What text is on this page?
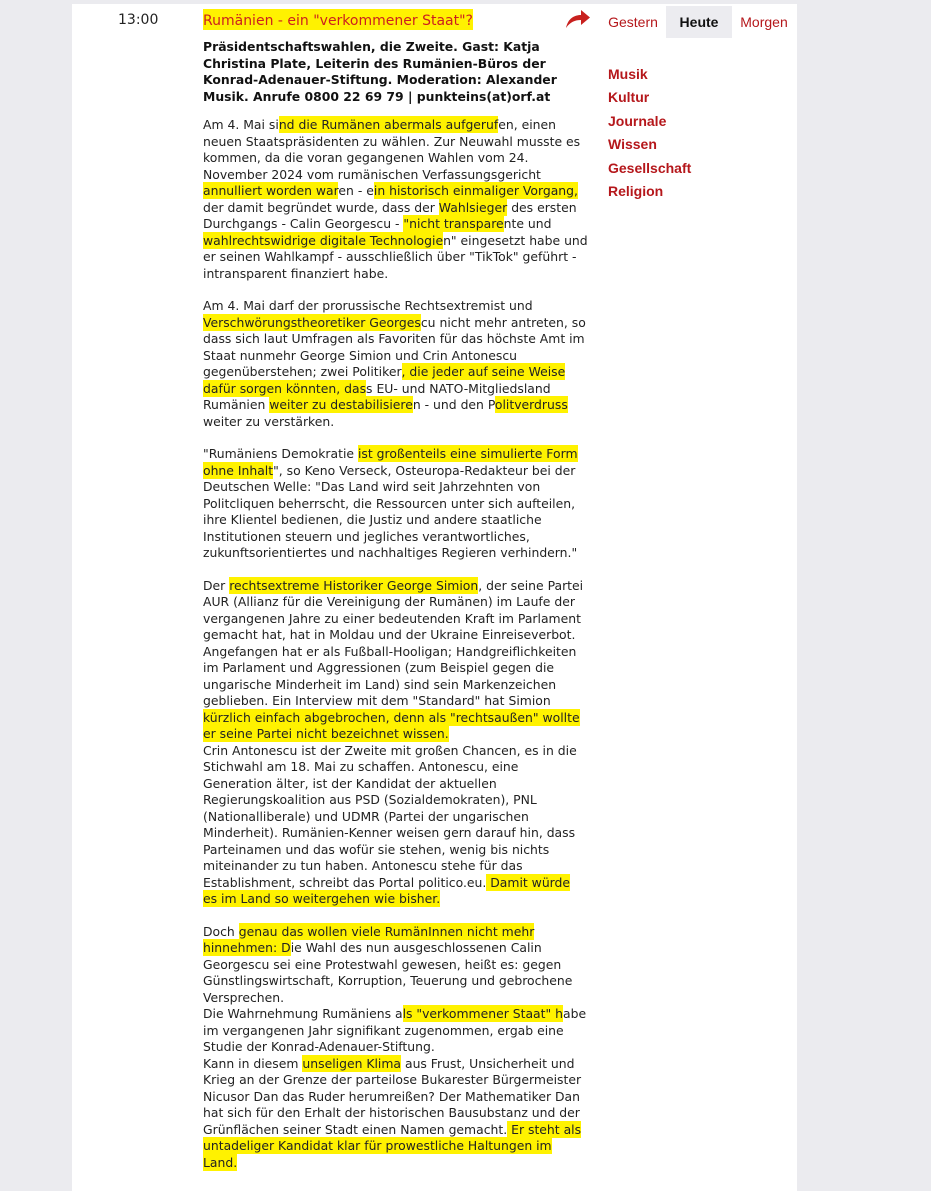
13:00	Rumänien - ein "verkommener Staat"?
Präsidentschaftswahlen, die Zweite. Gast: Katja Christina Plate, Leiterin des Rumänien-Büros der Konrad-Adenauer-Stiftung. Moderation: Alexander Musik. Anrufe 0800 22 69 79 | punkteins(at)orf.at

Am 4. Mai sind die Rumänen abermals aufgerufen, einen neuen Staatspräsidenten zu wählen. Zur Neuwahl musste es kommen, da die voran gegangenen Wahlen vom 24. November 2024 vom rumänischen Verfassungsgericht annulliert worden waren - ein historisch einmaliger Vorgang, der damit begründet wurde, dass der Wahlsieger des ersten Durchgangs - Calin Georgescu - "nicht transparente und wahlrechtswidrige digitale Technologien" eingesetzt habe und er seinen Wahlkampf - ausschließlich über "TikTok" geführt - intransparent finanziert habe.

Am 4. Mai darf der prorussische Rechtsextremist und Verschwörungstheoretiker Georgescu nicht mehr antreten, so dass sich laut Umfragen als Favoriten für das höchste Amt im Staat nunmehr George Simion und Crin Antonescu gegenüberstehen; zwei Politiker, die jeder auf seine Weise dafür sorgen könnten, dass EU- und NATO-Mitgliedsland Rumänien weiter zu destabilisieren - und den Politverdruss weiter zu verstärken.

"Rumäniens Demokratie ist großenteils eine simulierte Form ohne Inhalt", so Keno Verseck, Osteuropa-Redakteur bei der Deutschen Welle: "Das Land wird seit Jahrzehnten von Politcliquen beherrscht, die Ressourcen unter sich aufteilen, ihre Klientel bedienen, die Justiz und andere staatliche Institutionen steuern und jegliches verantwortliches, zukunftsorientiertes und nachhaltiges Regieren verhindern."

Der rechtsextreme Historiker George Simion, der seine Partei AUR (Allianz für die Vereinigung der Rumänen) im Laufe der vergangenen Jahre zu einer bedeutenden Kraft im Parlament gemacht hat, hat in Moldau und der Ukraine Einreiseverbot. Angefangen hat er als Fußball-Hooligan; Handgreiflichkeiten im Parlament und Aggressionen (zum Beispiel gegen die ungarische Minderheit im Land) sind sein Markenzeichen geblieben. Ein Interview mit dem "Standard" hat Simion kürzlich einfach abgebrochen, denn als "rechtsaußen" wollte er seine Partei nicht bezeichnet wissen.

Crin Antonescu ist der Zweite mit großen Chancen, es in die Stichwahl am 18. Mai zu schaffen. Antonescu, eine Generation älter, ist der Kandidat der aktuellen Regierungskoalition aus PSD (Sozialdemokraten), PNL (Nationalliberale) und UDMR (Partei der ungarischen Minderheit). Rumänien-Kenner weisen gern darauf hin, dass Parteinamen und das wofür sie stehen, wenig bis nichts miteinander zu tun haben. Antonescu stehe für das Establishment, schreibt das Portal politico.eu. Damit würde es im Land so weitergehen wie bisher.

Doch genau das wollen viele RumänInnen nicht mehr hinnehmen: Die Wahl des nun ausgeschlossenen Calin Georgescu sei eine Protestwahl gewesen, heißt es: gegen Günstlingswirtschaft, Korruption, Teuerung und gebrochene Versprechen.

Die Wahrnehmung Rumäniens als "verkommener Staat" habe im vergangenen Jahr signifikant zugenommen, ergab eine Studie der Konrad-Adenauer-Stiftung.

Kann in diesem unseligen Klima aus Frust, Unsicherheit und Krieg an der Grenze der parteilose Bukarester Bürgermeister Nicusor Dan das Ruder herumreißen? Der Mathematiker Dan hat sich für den Erhalt der historischen Bausubstanz und der Grünflächen seiner Stadt einen Namen gemacht. Er steht als untadeliger Kandidat klar für prowestliche Haltungen im Land.

Gestern	Heute	Morgen
Musik
Kultur
Journale
Wissen
Gesellschaft
Religion
